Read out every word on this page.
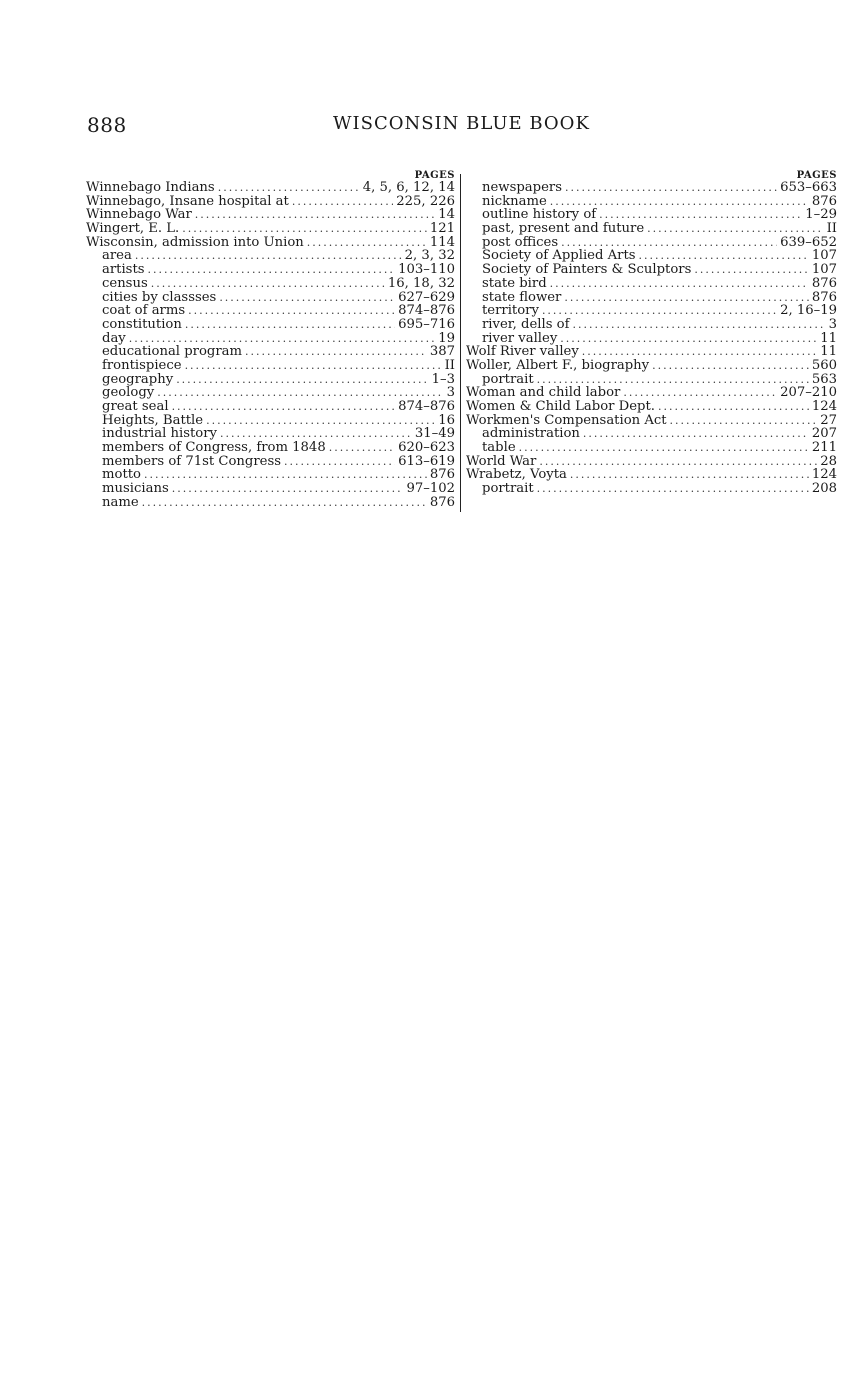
888	WISCONSIN BLUE BOOK
PAGES
Winnebago Indians .....	4, 5, 6, 12, 14
Winnebago, Insane hospital at .....	225, 226
Winnebago War .....	14
Wingert, E. L. .....	121
Wisconsin, admission into Union .....	114
area .....	2, 3, 32
artists .....	103–110
census .....	16, 18, 32
cities by classses .....	627–629
coat of arms .....	874–876
constitution .....	695–716
day .....	19
educational program .....	387
frontispiece .....	II
geography .....	1–3
geology .....	3
great seal .....	874–876
Heights, Battle .....	16
industrial history .....	31–49
members of Congress, from 1848 .....	620–623
members of 71st Congress .....	613–619
motto .....	876
musicians .....	97–102
name .....	876
PAGES
newspapers .....	653–663
nickname .....	876
outline history of .....	1–29
past, present and future .....	II
post offices .....	639–652
Society of Applied Arts .....	107
Society of Painters & Sculptors .....	107
state bird .....	876
state flower .....	876
territory .....	2, 16–19
river, dells of .....	3
river valley .....	11
Wolf River valley .....	11
Woller, Albert F., biography .....	560
portrait .....	563
Woman and child labor .....	207–210
Women & Child Labor Dept. .....	124
Workmen's Compensation Act .....	27
administration .....	207
table .....	211
World War .....	28
Wrabetz, Voyta .....	124
portrait .....	208
